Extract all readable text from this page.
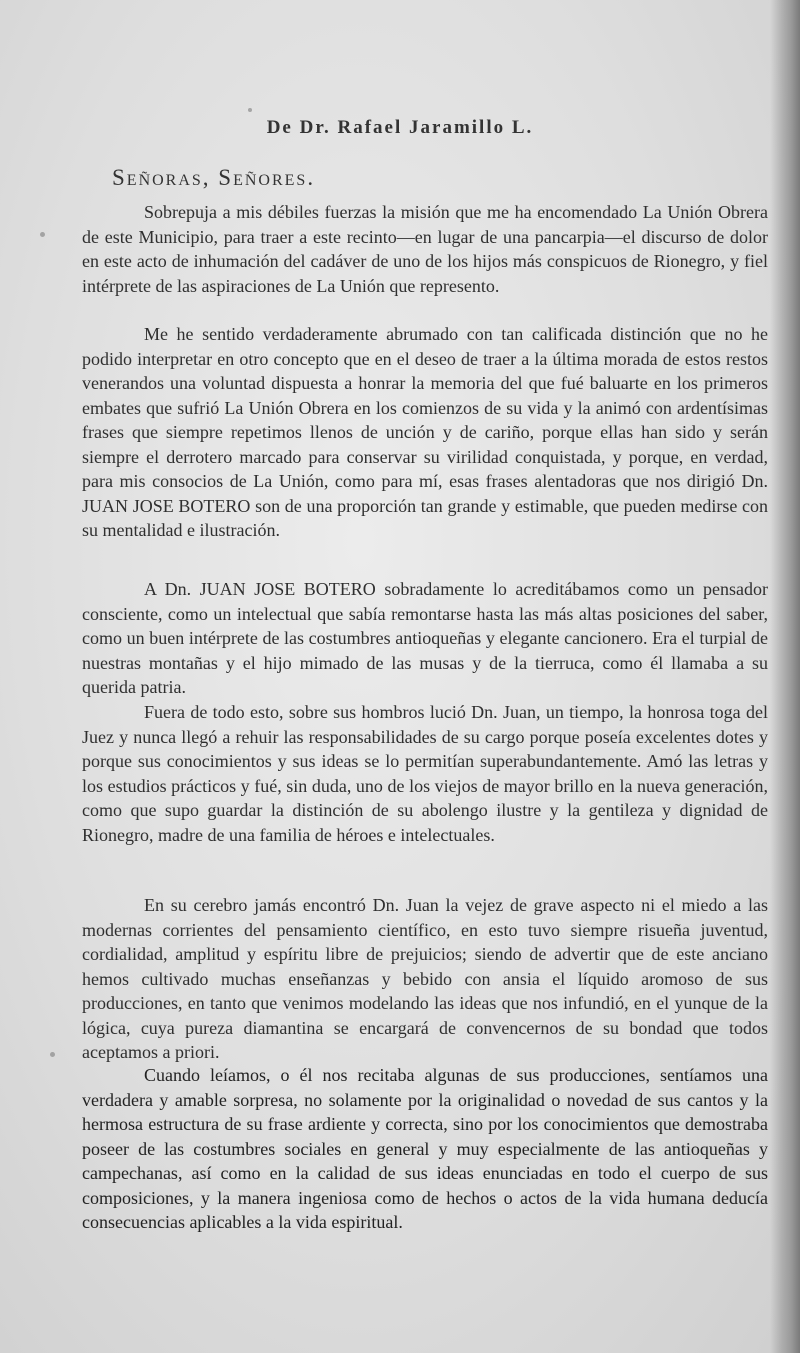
De Dr. Rafael Jaramillo L.
Señoras, Señores.

Sobrepuja a mis débiles fuerzas la misión que me ha encomendado La Unión Obrera de este Municipio, para traer a este recinto—en lugar de una pancarpia—el discurso de dolor en este acto de inhumación del cadáver de uno de los hijos más conspicuos de Rionegro, y fiel intérprete de las aspiraciones de La Unión que represento.

Me he sentido verdaderamente abrumado con tan calificada distinción que no he podido interpretar en otro concepto que en el deseo de traer a la última morada de estos restos venerandos una voluntad dispuesta a honrar la memoria del que fué baluarte en los primeros embates que sufrió La Unión Obrera en los comienzos de su vida y la animó con ardentísimas frases que siempre repetimos llenos de unción y de cariño, porque ellas han sido y serán siempre el derrotero marcado para conservar su virilidad conquistada, y porque, en verdad, para mis consocios de La Unión, como para mí, esas frases alentadoras que nos dirigió Dn. JUAN JOSE BOTERO son de una proporción tan grande y estimable, que pueden medirse con su mentalidad e ilustración.

A Dn. JUAN JOSE BOTERO sobradamente lo acreditábamos como un pensador consciente, como un intelectual que sabía remontarse hasta las más altas posiciones del saber, como un buen intérprete de las costumbres antioqueñas y elegante cancionero. Era el turpial de nuestras montañas y el hijo mimado de las musas y de la tierruca, como él llamaba a su querida patria.

Fuera de todo esto, sobre sus hombros lució Dn. Juan, un tiempo, la honrosa toga del Juez y nunca llegó a rehuir las responsabilidades de su cargo porque poseía excelentes dotes y porque sus conocimientos y sus ideas se lo permitían superabundantemente. Amó las letras y los estudios prácticos y fué, sin duda, uno de los viejos de mayor brillo en la nueva generación, como que supo guardar la distinción de su abolengo ilustre y la gentileza y dignidad de Rionegro, madre de una familia de héroes e intelectuales.

En su cerebro jamás encontró Dn. Juan la vejez de grave aspecto ni el miedo a las modernas corrientes del pensamiento científico, en esto tuvo siempre risueña juventud, cordialidad, amplitud y espíritu libre de prejuicios; siendo de advertir que de este anciano hemos cultivado muchas enseñanzas y bebido con ansia el líquido aromoso de sus producciones, en tanto que venimos modelando las ideas que nos infundió, en el yunque de la lógica, cuya pureza diamantina se encargará de convencernos de su bondad que todos aceptamos a priori.

Cuando leíamos, o él nos recitaba algunas de sus producciones, sentíamos una verdadera y amable sorpresa, no solamente por la originalidad o novedad de sus cantos y la hermosa estructura de su frase ardiente y correcta, sino por los conocimientos que demostraba poseer de las costumbres sociales en general y muy especialmente de las antioqueñas y campechanas, así como en la calidad de sus ideas enunciadas en todo el cuerpo de sus composiciones, y la manera ingeniosa como de hechos o actos de la vida humana deducía consecuencias aplicables a la vida espiritual.
